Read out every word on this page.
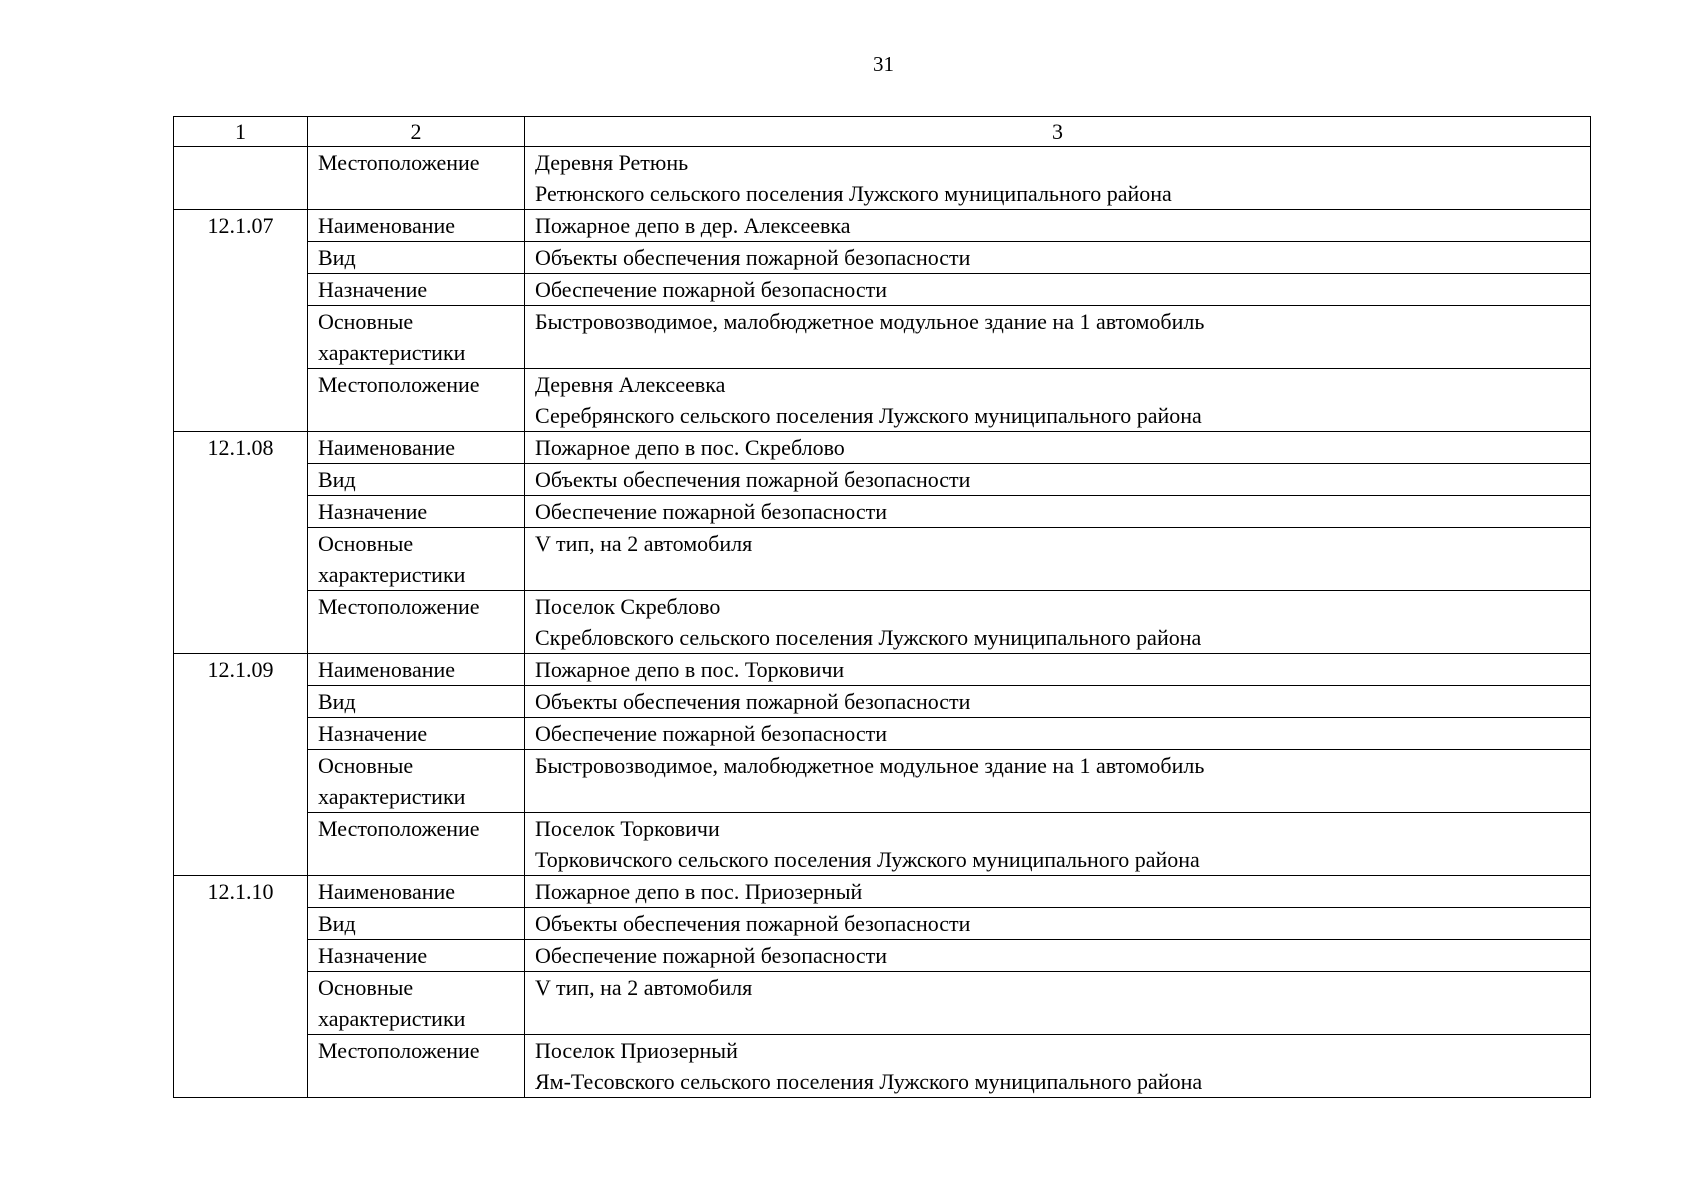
31
1	2	3
	Местоположение	Деревня Ретюнь
Ретюнского сельского поселения Лужского муниципального района

12.1.07	Наименование	Пожарное депо в дер. Алексеевка

	Вид	Объекты обеспечения пожарной безопасности

	Назначение	Обеспечение пожарной безопасности

	Основные характеристики	Быстровозводимое, малобюджетное модульное здание на 1 автомобиль

	Местоположение	Деревня Алексеевка
Серебрянского сельского поселения Лужского муниципального района

12.1.08	Наименование	Пожарное депо в пос. Скреблово

	Вид	Объекты обеспечения пожарной безопасности

	Назначение	Обеспечение пожарной безопасности

	Основные характеристики	V тип, на 2 автомобиля

	Местоположение	Поселок Скреблово
Скребловского сельского поселения Лужского муниципального района

12.1.09	Наименование	Пожарное депо в пос. Торковичи

	Вид	Объекты обеспечения пожарной безопасности

	Назначение	Обеспечение пожарной безопасности

	Основные характеристики	Быстровозводимое, малобюджетное модульное здание на 1 автомобиль

	Местоположение	Поселок Торковичи
Торковичского сельского поселения Лужского муниципального района

12.1.10	Наименование	Пожарное депо в пос. Приозерный

	Вид	Объекты обеспечения пожарной безопасности

	Назначение	Обеспечение пожарной безопасности

	Основные характеристики	V тип, на 2 автомобиля

	Местоположение	Поселок Приозерный
Ям-Тесовского сельского поселения Лужского муниципального района
